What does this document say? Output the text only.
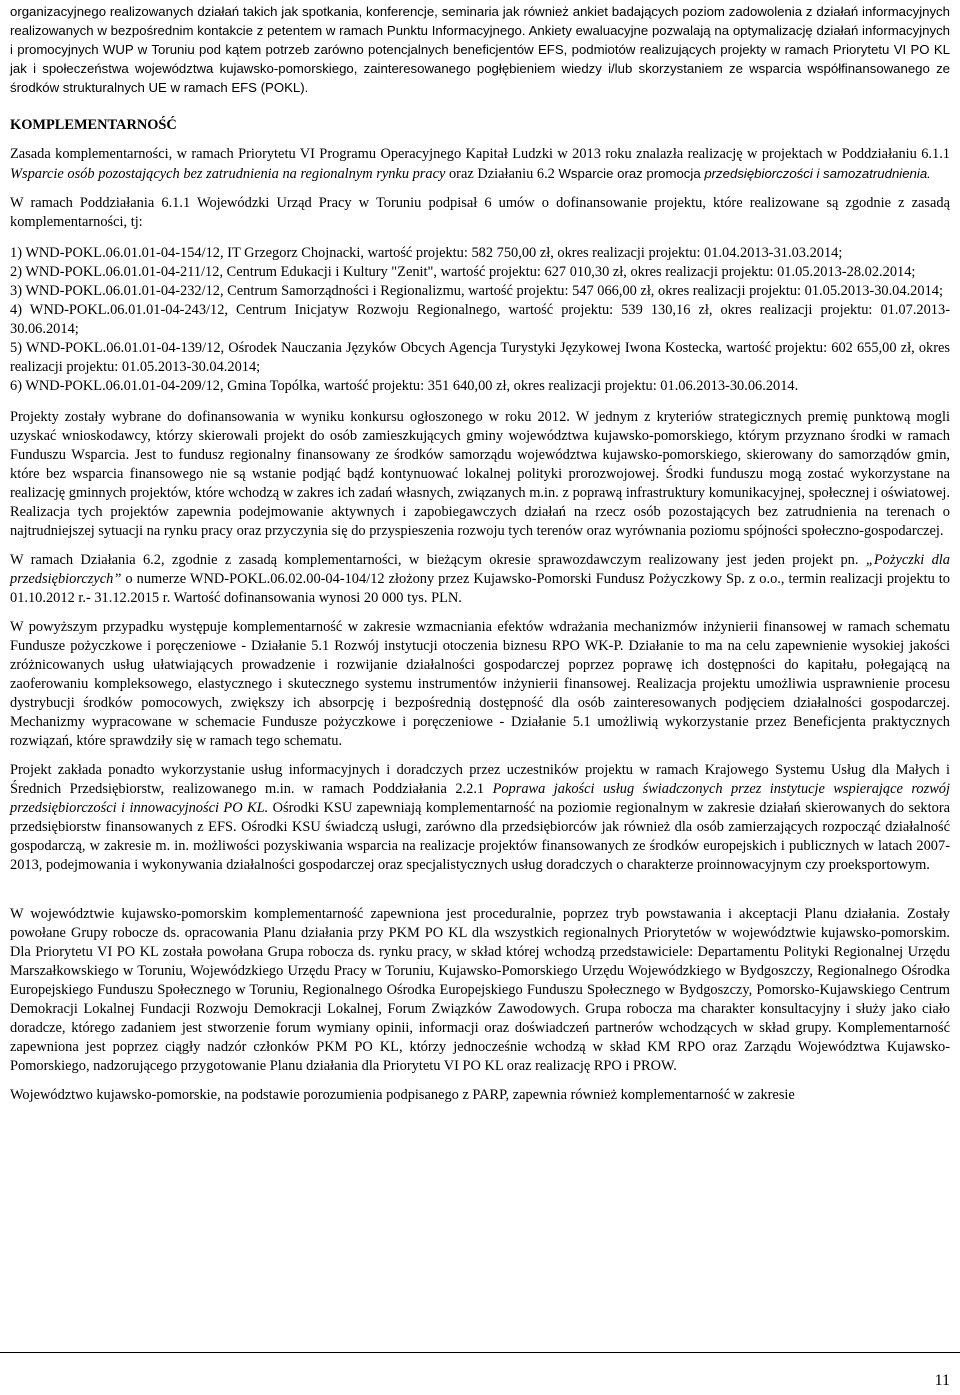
organizacyjnego realizowanych działań takich jak spotkania, konferencje, seminaria jak również ankiet badających poziom zadowolenia z działań informacyjnych realizowanych w bezpośrednim kontakcie z petentem w ramach Punktu Informacyjnego. Ankiety ewaluacyjne pozwalają na optymalizację działań informacyjnych i promocyjnych WUP w Toruniu pod kątem potrzeb zarówno potencjalnych beneficjentów EFS, podmiotów realizujących projekty w ramach Priorytetu VI PO KL jak i społeczeństwa województwa kujawsko-pomorskiego, zainteresowanego pogłębieniem wiedzy i/lub skorzystaniem ze wsparcia współfinansowanego ze środków strukturalnych UE w ramach EFS (POKL).

KOMPLEMENTARNOŚĆ

Zasada komplementarności, w ramach Priorytetu VI Programu Operacyjnego Kapitał Ludzki w 2013 roku znalazła realizację w projektach w Poddziałaniu 6.1.1 Wsparcie osób pozostających bez zatrudnienia na regionalnym rynku pracy oraz Działaniu 6.2 Wsparcie oraz promocja przedsiębiorczości i samozatrudnienia.

W ramach Poddziałania 6.1.1 Wojewódzki Urząd Pracy w Toruniu podpisał 6 umów o dofinansowanie projektu, które realizowane są zgodnie z zasadą komplementarności, tj:

1) WND-POKL.06.01.01-04-154/12, IT Grzegorz Chojnacki, wartość projektu: 582 750,00 zł, okres realizacji projektu: 01.04.2013-31.03.2014;

2) WND-POKL.06.01.01-04-211/12, Centrum Edukacji i Kultury "Zenit", wartość projektu: 627 010,30 zł, okres realizacji projektu: 01.05.2013-28.02.2014;

3) WND-POKL.06.01.01-04-232/12, Centrum Samorządności i Regionalizmu, wartość projektu: 547 066,00 zł, okres realizacji projektu: 01.05.2013-30.04.2014;

4) WND-POKL.06.01.01-04-243/12, Centrum Inicjatyw Rozwoju Regionalnego, wartość projektu: 539 130,16 zł, okres realizacji projektu: 01.07.2013-30.06.2014;

5) WND-POKL.06.01.01-04-139/12, Ośrodek Nauczania Języków Obcych Agencja Turystyki Językowej Iwona Kostecka, wartość projektu: 602 655,00 zł, okres realizacji projektu: 01.05.2013-30.04.2014;

6) WND-POKL.06.01.01-04-209/12, Gmina Topólka, wartość projektu: 351 640,00 zł, okres realizacji projektu: 01.06.2013-30.06.2014.

Projekty zostały wybrane do dofinansowania w wyniku konkursu ogłoszonego w roku 2012. W jednym z kryteriów strategicznych premię punktową mogli uzyskać wnioskodawcy, którzy skierowali projekt do osób zamieszkujących gminy województwa kujawsko-pomorskiego, którym przyznano środki w ramach Funduszu Wsparcia. Jest to fundusz regionalny finansowany ze środków samorządu województwa kujawsko-pomorskiego, skierowany do samorządów gmin, które bez wsparcia finansowego nie są wstanie podjąć bądź kontynuować lokalnej polityki prorozwojowej. Środki funduszu mogą zostać wykorzystane na realizację gminnych projektów, które wchodzą w zakres ich zadań własnych, związanych m.in. z poprawą infrastruktury komunikacyjnej, społecznej i oświatowej. Realizacja tych projektów zapewnia podejmowanie aktywnych i zapobiegawczych działań na rzecz osób pozostających bez zatrudnienia na terenach o najtrudniejszej sytuacji na rynku pracy oraz przyczynia się do przyspieszenia rozwoju tych terenów oraz wyrównania poziomu spójności społeczno-gospodarczej.

W ramach Działania 6.2, zgodnie z zasadą komplementarności, w bieżącym okresie sprawozdawczym realizowany jest jeden projekt pn. „Pożyczki dla przedsiębiorczych” o numerze WND-POKL.06.02.00-04-104/12 złożony przez Kujawsko-Pomorski Fundusz Pożyczkowy Sp. z o.o., termin realizacji projektu to 01.10.2012 r.- 31.12.2015 r. Wartość dofinansowania wynosi 20 000 tys. PLN.

W powyższym przypadku występuje komplementarność w zakresie wzmacniania efektów wdrażania mechanizmów inżynierii finansowej w ramach schematu Fundusze pożyczkowe i poręczeniowe - Działanie 5.1 Rozwój instytucji otoczenia biznesu RPO WK-P. Działanie to ma na celu zapewnienie wysokiej jakości zróżnicowanych usług ułatwiających prowadzenie i rozwijanie działalności gospodarczej poprzez poprawę ich dostępności do kapitału, połegającą na zaoferowaniu kompleksowego, elastycznego i skutecznego systemu instrumentów inżynierii finansowej. Realizacja projektu umożliwia usprawnienie procesu dystrybucji środków pomocowych, zwiększy ich absorpcję i bezpośrednią dostępność dla osób zainteresowanych podjęciem działalności gospodarczej. Mechanizmy wypracowane w schemacie Fundusze pożyczkowe i poręczeniowe - Działanie 5.1 umożliwią wykorzystanie przez Beneficjenta praktycznych rozwiązań, które sprawdziły się w ramach tego schematu.

Projekt zakłada ponadto wykorzystanie usług informacyjnych i doradczych przez uczestników projektu w ramach Krajowego Systemu Usług dla Małych i Średnich Przedsiębiorstw, realizowanego m.in. w ramach Poddziałania 2.2.1 Poprawa jakości usług świadczonych przez instytucje wspierające rozwój przedsiębiorczości i innowacyjności PO KL. Ośrodki KSU zapewniają komplementarność na poziomie regionalnym w zakresie działań skierowanych do sektora przedsiębiorstw finansowanych z EFS. Ośrodki KSU świadczą usługi, zarówno dla przedsiębiorców jak również dla osób zamierzających rozpocząć działalność gospodarczą, w zakresie m. in. możliwości pozyskiwania wsparcia na realizacje projektów finansowanych ze środków europejskich i publicznych w latach 2007-2013, podejmowania i wykonywania działalności gospodarczej oraz specjalistycznych usług doradczych o charakterze proinnowacyjnym czy proeksportowym.

W województwie kujawsko-pomorskim komplementarność zapewniona jest proceduralnie, poprzez tryb powstawania i akceptacji Planu działania. Zostały powołane Grupy robocze ds. opracowania Planu działania przy PKM PO KL dla wszystkich regionalnych Priorytetów w województwie kujawsko-pomorskim. Dla Priorytetu VI PO KL została powołana Grupa robocza ds. rynku pracy, w skład której wchodzą przedstawiciele: Departamentu Polityki Regionalnej Urzędu Marszałkowskiego w Toruniu, Wojewódzkiego Urzędu Pracy w Toruniu, Kujawsko-Pomorskiego Urzędu Wojewódzkiego w Bydgoszczy, Regionalnego Ośrodka Europejskiego Funduszu Społecznego w Toruniu, Regionalnego Ośrodka Europejskiego Funduszu Społecznego w Bydgoszczy, Pomorsko-Kujawskiego Centrum Demokracji Lokalnej Fundacji Rozwoju Demokracji Lokalnej, Forum Związków Zawodowych. Grupa robocza ma charakter konsultacyjny i służy jako ciało doradcze, którego zadaniem jest stworzenie forum wymiany opinii, informacji oraz doświadczeń partnerów wchodzących w skład grupy. Komplementarność zapewniona jest poprzez ciągły nadzór członków PKM PO KL, którzy jednocześnie wchodzą w skład KM RPO oraz Zarządu Województwa Kujawsko-Pomorskiego, nadzorującego przygotowanie Planu działania dla Priorytetu VI PO KL oraz realizację RPO i PROW.

Województwo kujawsko-pomorskie, na podstawie porozumienia podpisanego z PARP, zapewnia również komplementarność w zakresie

11
